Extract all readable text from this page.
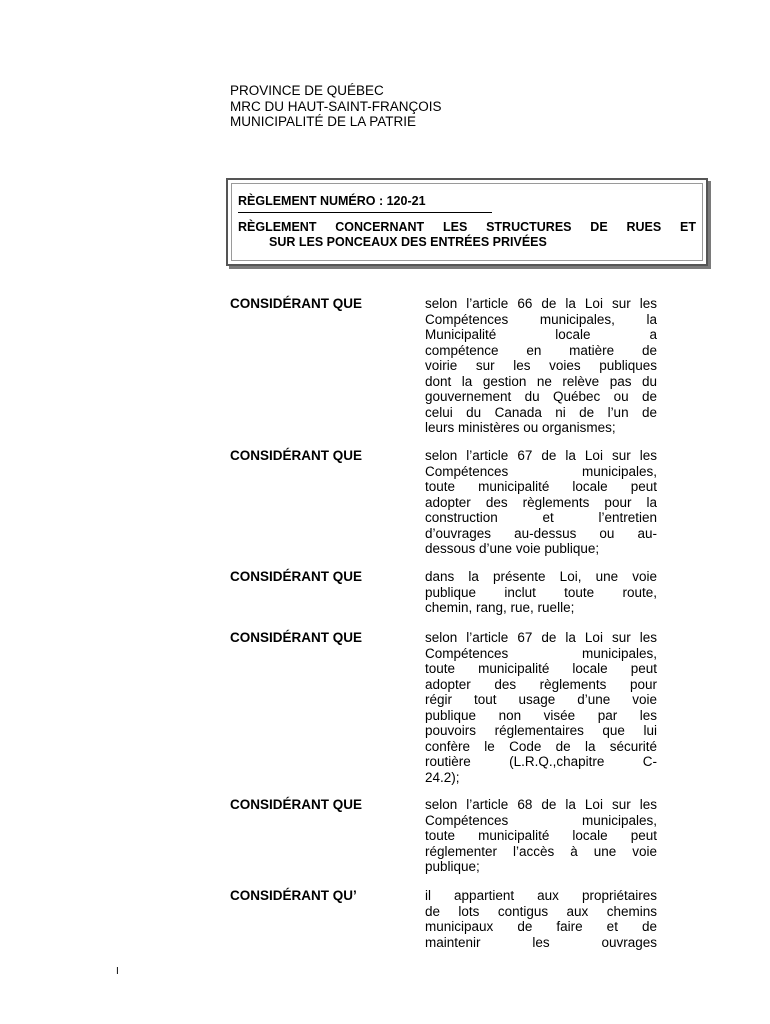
PROVINCE DE QUÉBEC
MRC DU HAUT-SAINT-FRANÇOIS
MUNICIPALITÉ DE LA PATRIE
RÈGLEMENT NUMÉRO : 120-21
RÈGLEMENT CONCERNANT LES STRUCTURES DE RUES ET
SUR LES PONCEAUX DES ENTRÉES PRIVÉES
CONSIDÉRANT QUE	selon l’article 66 de la Loi sur les
Compétences municipales, la
Municipalité locale a
compétence en matière de
voirie sur les voies publiques
dont la gestion ne relève pas du
gouvernement du Québec ou de
celui du Canada ni de l’un de
leurs ministères ou organismes;
CONSIDÉRANT QUE	selon l’article 67 de la Loi sur les
Compétences municipales,
toute municipalité locale peut
adopter des règlements pour la
construction et l’entretien
d’ouvrages au-dessus ou au-
dessous d’une voie publique;
CONSIDÉRANT QUE	dans la présente Loi, une voie
publique inclut toute route,
chemin, rang, rue, ruelle;
CONSIDÉRANT QUE	selon l’article 67 de la Loi sur les
Compétences municipales,
toute municipalité locale peut
adopter des règlements pour
régir tout usage d’une voie
publique non visée par les
pouvoirs réglementaires que lui
confère le Code de la sécurité
routière (L.R.Q.,chapitre C-
24.2);
CONSIDÉRANT QUE	selon l’article 68 de la Loi sur les
Compétences municipales,
toute municipalité locale peut
réglementer l’accès à une voie
publique;
CONSIDÉRANT QU’	il appartient aux propriétaires
de lots contigus aux chemins
municipaux de faire et de
maintenir les ouvrages
I
